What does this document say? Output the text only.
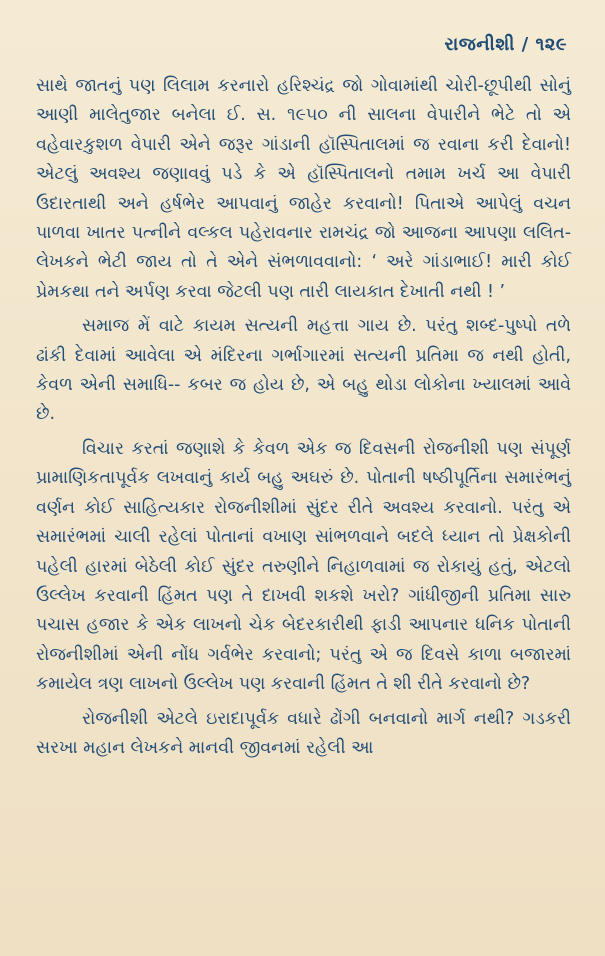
રાજનીશી / ૧૨૯

સાથે જાતનું પણ લિલામ કરનારો હરિશ્ચંદ્ર જો ગોવામાંથી ચોરી-છૂપીથી સોનું આણી માલેતુજાર બનેલા ઈ. સ. ૧૯૫૦ ની સાલના વેપારીને ભેટે તો એ વહેવારકુશળ વેપારી એને જરૂર ગાંડાની હૉસ્પિતાલમાં જ રવાના કરી દેવાનો! એટલું અવશ્ય જણાવવું પડે કે એ હૉસ્પિતાલનો તમામ ખર્ચ આ વેપારી ઉદારતાથી અને હર્ષભેર આપવાનું જાહેર કરવાનો! પિતાએ આપેલું વચન પાળવા ખાતર પત્નીને વલ્કલ પહેરાવનાર રામચંદ્ર જો આજના આપણા લલિત-લેખકને ભેટી જાય તો તે એને સંભળાવવાનો: ‘ અરે ગાંડાભાઈ! મારી કોઈ પ્રેમકથા તને અર્પણ કરવા જેટલી પણ તારી લાયકાત દેખાતી નથી ! ’

સમાજ મેં વાટે કાયમ સત્યની મહત્તા ગાય છે. પરંતુ શબ્દ-પુષ્પો તળે ઢાંકી દેવામાં આવેલા એ મંદિરના ગર્ભાગારમાં સત્યની પ્રતિમા જ નથી હોતી, કેવળ એની સમાધિ-- કબર જ હોય છે, એ બહુ થોડા લોકોના ખ્યાલમાં આવે છે.

વિચાર કરતાં જણાશે કે કેવળ એક જ દિવસની રોજનીશી પણ સંપૂર્ણ પ્રામાણિકતાપૂર્વક લખવાનું કાર્ય બહુ અઘરું છે. પોતાની ષષ્ઠીપૂર્તિના સમારંભનું વર્ણન કોઈ સાહિત્યકાર રોજનીશીમાં સુંદર રીતે અવશ્ય કરવાનો. પરંતુ એ સમારંભમાં ચાલી રહેલાં પોતાનાં વખાણ સાંભળવાને બદલે ધ્યાન તો પ્રેક્ષકોની પહેલી હારમાં બેઠેલી કોઈ સુંદર તરુણીને નિહાળવામાં જ રોકાયું હતું, એટલો ઉલ્લેખ કરવાની હિંમત પણ તે દાખવી શકશે ખરો? ગાંધીજીની પ્રતિમા સારુ પચાસ હજાર કે એક લાખનો ચેક બેદરકારીથી ફાડી આપનાર ધનિક પોતાની રોજનીશીમાં એની નોંધ ગર્વભેર કરવાનો; પરંતુ એ જ દિવસે કાળા બજારમાં કમાયેલ ત્રણ લાખનો ઉલ્લેખ પણ કરવાની હિંમત તે શી રીતે કરવાનો છે?

રોજનીશી એટલે ઇરાદાપૂર્વક વધારે ઢોંગી બનવાનો માર્ગ નથી? ગડકરી સરખા મહાન લેખકને માનવી જીવનમાં રહેલી આ
